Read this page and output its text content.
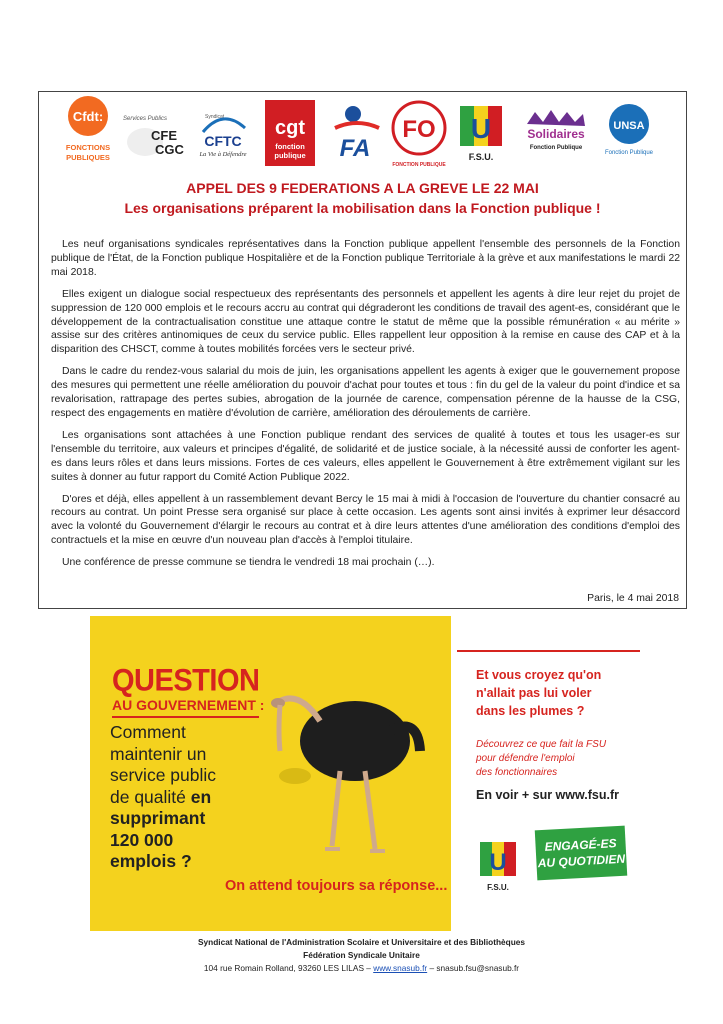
Cfdt:
FONCTIONS
PUBLIQUES
Services Publics
CFE
CGC
Syndicat
CFTC
La Vie à Défendre
cgt
fonction
publique FA
FO
FONCTION PUBLIQUE
U
F.S.U.
Solidaires
Fonction Publique
UNSA
Fonction Publique
APPEL DES 9 FEDERATIONS A LA GREVE LE 22 MAI
Les organisations préparent la mobilisation dans la Fonction publique !

Les neuf organisations syndicales représentatives dans la Fonction publique appellent l'ensemble des personnels de la Fonction publique de l'État, de la Fonction publique Hospitalière et de la Fonction publique Territoriale à la grève et aux manifestations le mardi 22 mai 2018.

Elles exigent un dialogue social respectueux des représentants des personnels et appellent les agents à dire leur rejet du projet de suppression de 120 000 emplois et le recours accru au contrat qui dégraderont les conditions de travail des agent-es, considérant que le développement de la contractualisation constitue une attaque contre le statut de même que la possible rémunération « au mérite » assise sur des critères antinomiques de ceux du service public. Elles rappellent leur opposition à la remise en cause des CAP et à la disparition des CHSCT, comme à toutes mobilités forcées vers le secteur privé.

Dans le cadre du rendez-vous salarial du mois de juin, les organisations appellent les agents à exiger que le gouvernement propose des mesures qui permettent une réelle amélioration du pouvoir d'achat pour toutes et tous : fin du gel de la valeur du point d'indice et sa revalorisation, rattrapage des pertes subies, abrogation de la journée de carence, compensation pérenne de la hausse de la CSG, respect des engagements en matière d'évolution de carrière, amélioration des déroulements de carrière.

Les organisations sont attachées à une Fonction publique rendant des services de qualité à toutes et tous les usager-es sur l'ensemble du territoire, aux valeurs et principes d'égalité, de solidarité et de justice sociale, à la nécessité aussi de conforter les agent-es dans leurs rôles et dans leurs missions. Fortes de ces valeurs, elles appellent le Gouvernement à être extrêmement vigilant sur les suites à donner au futur rapport du Comité Action Publique 2022.

D'ores et déjà, elles appellent à un rassemblement devant Bercy le 15 mai à midi à l'occasion de l'ouverture du chantier consacré au recours au contrat. Un point Presse sera organisé sur place à cette occasion. Les agents sont ainsi invités à exprimer leur désaccord avec la volonté du Gouvernement d'élargir le recours au contrat et à dire leurs attentes d'une amélioration des conditions d'emploi des contractuels et la mise en œuvre d'un nouveau plan d'accès à l'emploi titulaire.

Une conférence de presse commune se tiendra le vendredi 18 mai prochain (…).

Paris, le 4 mai 2018
QUESTION
AU GOUVERNEMENT :
Comment
maintenir un
service public
de qualité en
supprimant
120 000
emplois ?
On attend toujours sa réponse...
Et vous croyez qu'on
n'allait pas lui voler
dans les plumes ?
Découvrez ce que fait la FSU
pour défendre l'emploi
des fonctionnaires
En voir + sur www.fsu.fr
U
F.S.U.
ENGAGÉ-ES
AU QUOTIDIEN
Syndicat National de l'Administration Scolaire et Universitaire et des Bibliothèques
Fédération Syndicale Unitaire
104 rue Romain Rolland, 93260 LES LILAS – www.snasub.fr – snasub.fsu@snasub.fr
